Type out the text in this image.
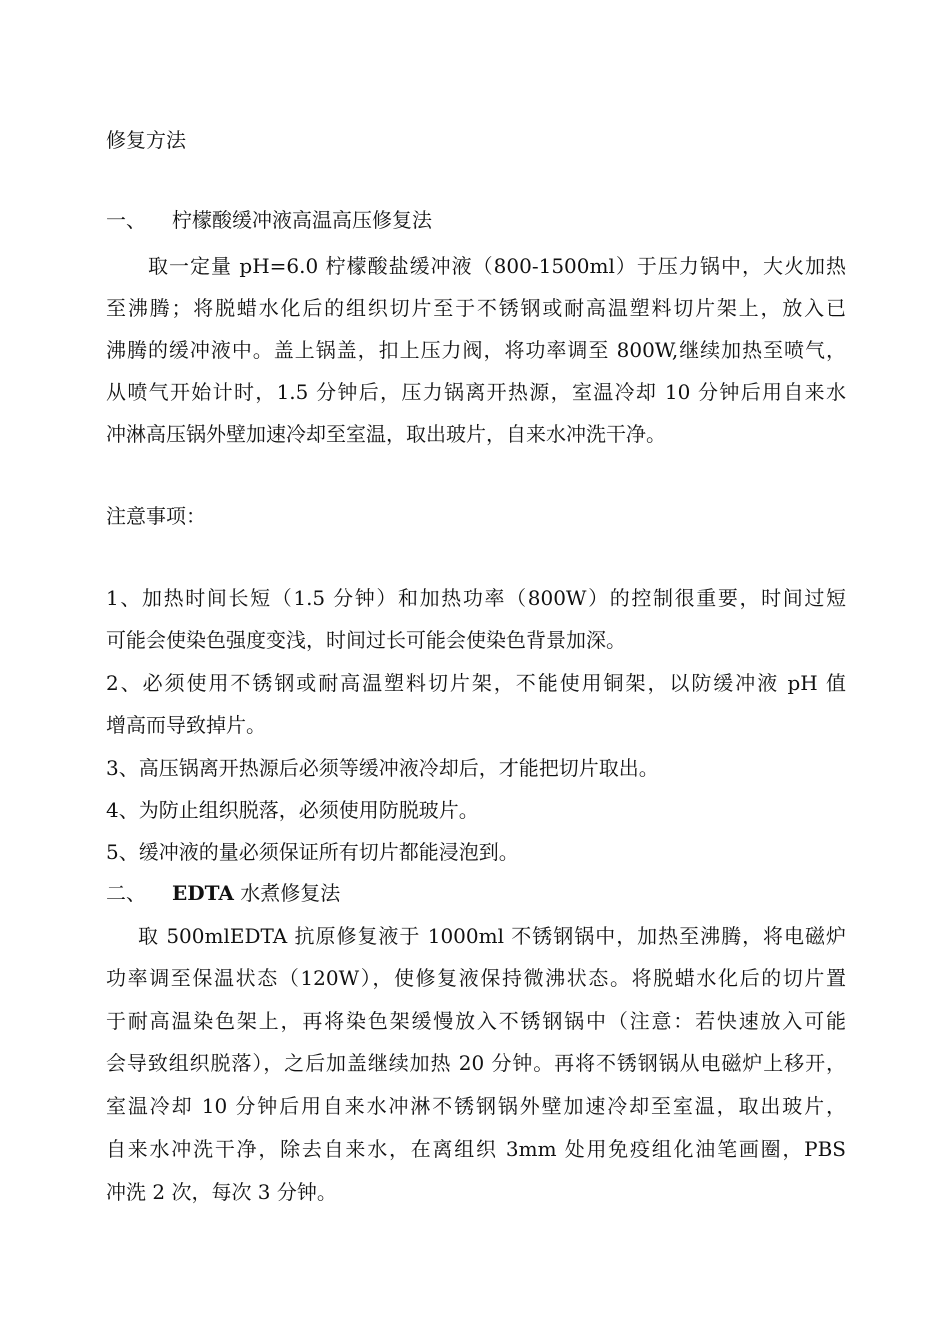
修复方法
一、 柠檬酸缓冲液高温高压修复法
取一定量 pH=6.0 柠檬酸盐缓冲液（800-1500ml）于压力锅中，大火加热
至沸腾；将脱蜡水化后的组织切片至于不锈钢或耐高温塑料切片架上，放入已
沸腾的缓冲液中。盖上锅盖，扣上压力阀，将功率调至 800W,继续加热至喷气，
从喷气开始计时，1.5 分钟后，压力锅离开热源，室温冷却 10 分钟后用自来水
冲淋高压锅外壁加速冷却至室温，取出玻片，自来水冲洗干净。
注意事项：
1、加热时间长短（1.5 分钟）和加热功率（800W）的控制很重要，时间过短
可能会使染色强度变浅，时间过长可能会使染色背景加深。
2、必须使用不锈钢或耐高温塑料切片架，不能使用铜架，以防缓冲液 pH 值
增高而导致掉片。
3、高压锅离开热源后必须等缓冲液冷却后，才能把切片取出。
4、为防止组织脱落，必须使用防脱玻片。
5、缓冲液的量必须保证所有切片都能浸泡到。
二、 EDTA 水煮修复法
取 500mlEDTA 抗原修复液于 1000ml 不锈钢锅中，加热至沸腾，将电磁炉
功率调至保温状态（120W），使修复液保持微沸状态。将脱蜡水化后的切片置
于耐高温染色架上，再将染色架缓慢放入不锈钢锅中（注意：若快速放入可能
会导致组织脱落），之后加盖继续加热 20 分钟。再将不锈钢锅从电磁炉上移开，
室温冷却 10 分钟后用自来水冲淋不锈钢锅外壁加速冷却至室温，取出玻片，
自来水冲洗干净，除去自来水，在离组织 3mm 处用免疫组化油笔画圈，PBS
冲洗 2 次，每次 3 分钟。
